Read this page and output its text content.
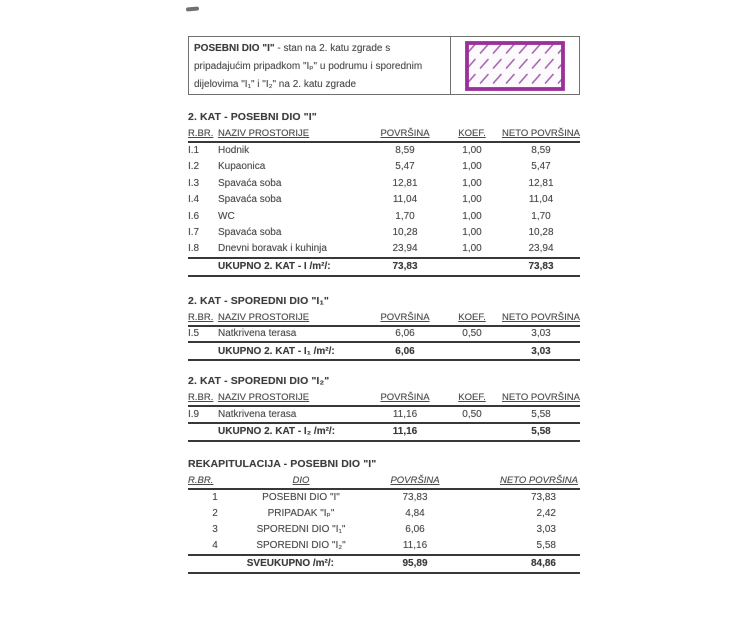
POSEBNI DIO "I" - stan na 2. katu zgrade s
pripadajućim pripadkom "Iₚ" u podrumu i sporednim
dijelovima "I₁" i "I₂" na 2. katu zgrade
2. KAT - POSEBNI DIO "I"
R.BR.	NAZIV PROSTORIJE	POVRŠINA	KOEF.	NETO POVRŠINA
I.1	Hodnik	8,59	1,00	8,59
I.2	Kupaonica	5,47	1,00	5,47
I.3	Spavaća soba	12,81	1,00	12,81
I.4	Spavaća soba	11,04	1,00	11,04
I.6	WC	1,70	1,00	1,70
I.7	Spavaća soba	10,28	1,00	10,28
I.8	Dnevni boravak i kuhinja	23,94	1,00	23,94
UKUPNO 2. KAT - I /m²/:		73,83		73,83
2. KAT - SPOREDNI DIO "I₁"
R.BR.	NAZIV PROSTORIJE	POVRŠINA	KOEF.	NETO POVRŠINA
I.5	Natkrivena terasa	6,06	0,50	3,03
UKUPNO 2. KAT - I₁ /m²/:		6,06		3,03
2. KAT - SPOREDNI DIO "I₂"
R.BR.	NAZIV PROSTORIJE	POVRŠINA	KOEF.	NETO POVRŠINA
I.9	Natkrivena terasa	11,16	0,50	5,58
UKUPNO 2. KAT - I₂ /m²/:		11,16		5,58
REKAPITULACIJA - POSEBNI DIO "I"
R.BR.	DIO	POVRŠINA	NETO POVRŠINA
1	POSEBNI DIO "I"	73,83	73,83
2	PRIPADAK "Iₚ"	4,84	2,42
3	SPOREDNI DIO "I₁"	6,06	3,03
4	SPOREDNI DIO "I₂"	11,16	5,58
SVEUKUPNO /m²/:		95,89	84,86
